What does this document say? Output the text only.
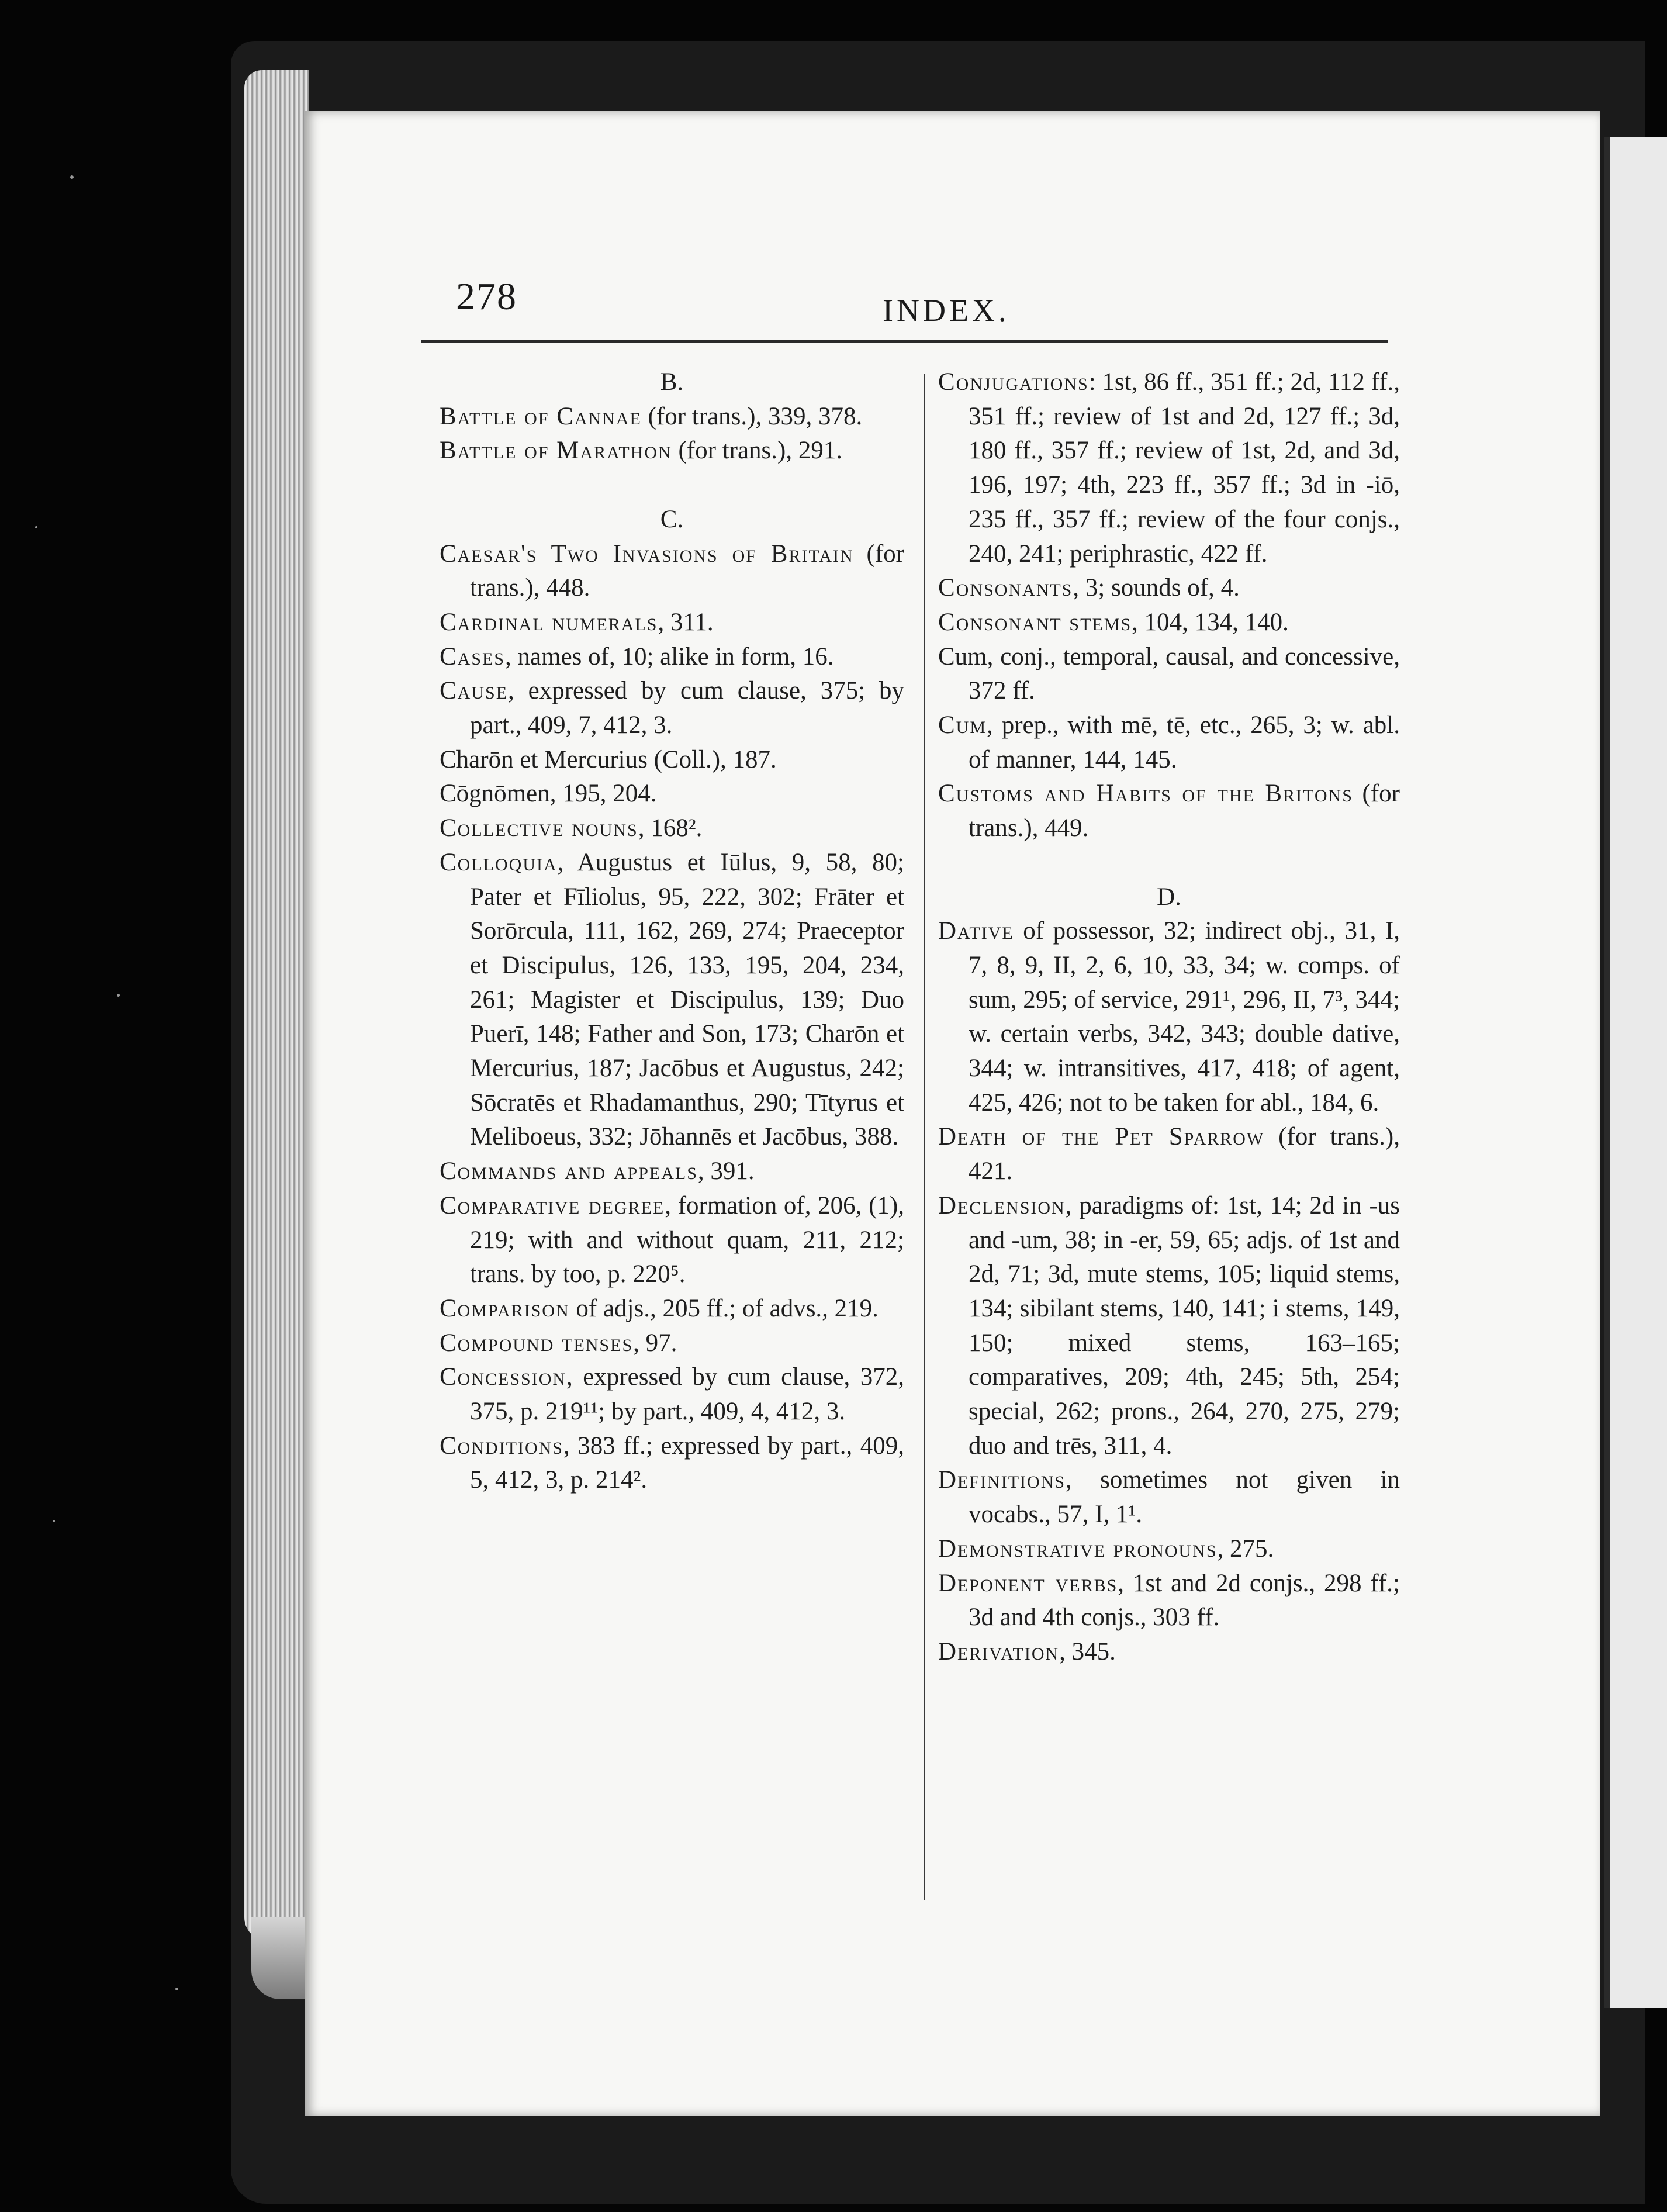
278	INDEX.
B.
Battle of Cannae (for trans.), 339, 378.
Battle of Marathon (for trans.), 291.
C.
Caesar's Two Invasions of Britain (for trans.), 448.
Cardinal numerals, 311.
Cases, names of, 10; alike in form, 16.
Cause, expressed by cum clause, 375; by part., 409, 7, 412, 3.
Charōn et Mercurius (Coll.), 187.
Cōgnōmen, 195, 204.
Collective nouns, 168².
Colloquia, Augustus et Iūlus, 9, 58, 80; Pater et Fīliolus, 95, 222, 302; Frāter et Sorōrcula, 111, 162, 269, 274; Praeceptor et Discipulus, 126, 133, 195, 204, 234, 261; Magister et Discipulus, 139; Duo Puerī, 148; Father and Son, 173; Charōn et Mercurius, 187; Jacōbus et Augustus, 242; Sōcratēs et Rhadamanthus, 290; Tītyrus et Meliboeus, 332; Jōhannēs et Jacōbus, 388.
Commands and appeals, 391.
Comparative degree, formation of, 206, (1), 219; with and without quam, 211, 212; trans. by too, p. 220⁵.
Comparison of adjs., 205 ff.; of advs., 219.
Compound tenses, 97.
Concession, expressed by cum clause, 372, 375, p. 219¹¹; by part., 409, 4, 412, 3.
Conditions, 383 ff.; expressed by part., 409, 5, 412, 3, p. 214².
Conjugations: 1st, 86 ff., 351 ff.; 2d, 112 ff., 351 ff.; review of 1st and 2d, 127 ff.; 3d, 180 ff., 357 ff.; review of 1st, 2d, and 3d, 196, 197; 4th, 223 ff., 357 ff.; 3d in -iō, 235 ff., 357 ff.; review of the four conjs., 240, 241; periphrastic, 422 ff.
Consonants, 3; sounds of, 4.
Consonant stems, 104, 134, 140.
Cum, conj., temporal, causal, and concessive, 372 ff.
Cum, prep., with mē, tē, etc., 265, 3; w. abl. of manner, 144, 145.
Customs and Habits of the Britons (for trans.), 449.
D.
Dative of possessor, 32; indirect obj., 31, I, 7, 8, 9, II, 2, 6, 10, 33, 34; w. comps. of sum, 295; of service, 291¹, 296, II, 7³, 344; w. certain verbs, 342, 343; double dative, 344; w. intransitives, 417, 418; of agent, 425, 426; not to be taken for abl., 184, 6.
Death of the Pet Sparrow (for trans.), 421.
Declension, paradigms of: 1st, 14; 2d in -us and -um, 38; in -er, 59, 65; adjs. of 1st and 2d, 71; 3d, mute stems, 105; liquid stems, 134; sibilant stems, 140, 141; i stems, 149, 150; mixed stems, 163–165; comparatives, 209; 4th, 245; 5th, 254; special, 262; prons., 264, 270, 275, 279; duo and trēs, 311, 4.
Definitions, sometimes not given in vocabs., 57, I, 1¹.
Demonstrative pronouns, 275.
Deponent verbs, 1st and 2d conjs., 298 ff.; 3d and 4th conjs., 303 ff.
Derivation, 345.
